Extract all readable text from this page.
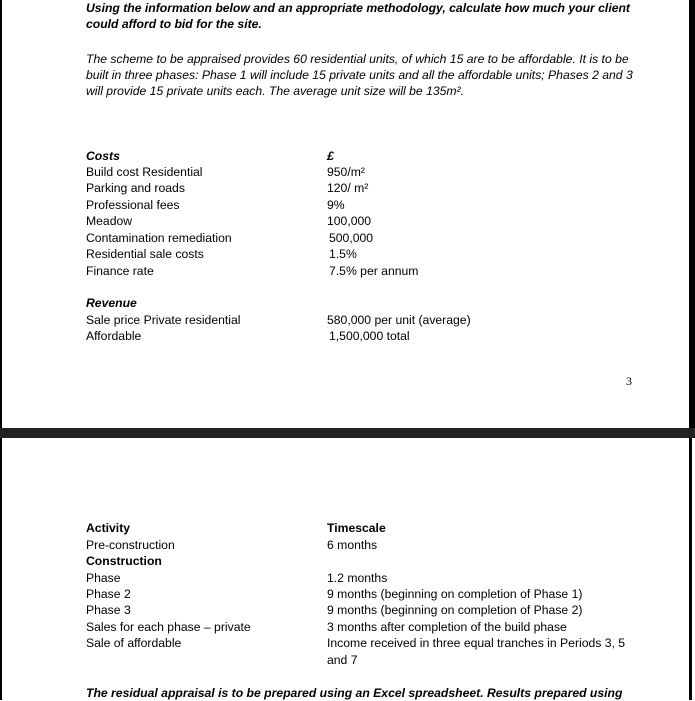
Using the information below and an appropriate methodology, calculate how much your client
could afford to bid for the site.
The scheme to be appraised provides 60 residential units, of which 15 are to be affordable. It is to be
built in three phases: Phase 1 will include 15 private units and all the affordable units; Phases 2 and 3
will provide 15 private units each. The average unit size will be 135m².
Costs	£
Build cost Residential	950/m²
Parking and roads	120/ m²
Professional fees	9%
Meadow	100,000
Contamination remediation	500,000
Residential sale costs	1.5%
Finance rate	7.5% per annum
Revenue
Sale price Private residential	580,000 per unit (average)
Affordable	1,500,000 total
3
Activity	Timescale
Pre-construction	6 months
Construction
Phase	1.2 months
Phase 2	9 months (beginning on completion of Phase 1)
Phase 3	9 months (beginning on completion of Phase 2)
Sales for each phase – private	3 months after completion of the build phase
Sale of affordable	Income received in three equal tranches in Periods 3, 5
and 7
The residual appraisal is to be prepared using an Excel spreadsheet. Results prepared using
